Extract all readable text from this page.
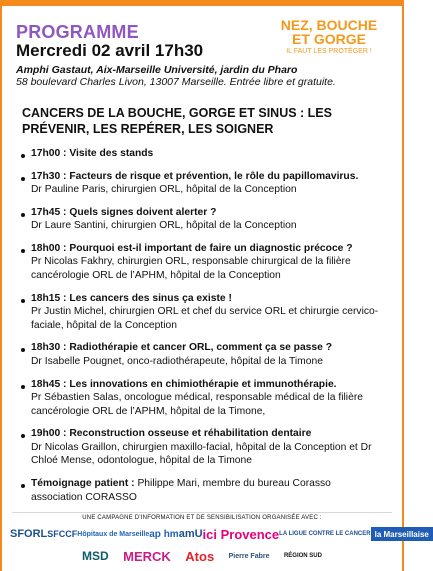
PROGRAMME
Mercredi 02 avril 17h30
Amphi Gastaut, Aix-Marseille Université, jardin du Pharo
58 boulevard Charles Livon, 13007 Marseille. Entrée libre et gratuite.
NEZ, BOUCHE
ET GORGE
IL FAUT LES PROTÉGER !
CANCERS DE LA BOUCHE, GORGE ET SINUS : LES
PRÉVENIR, LES REPÉRER, LES SOIGNER
17h00 : Visite des stands
17h30 : Facteurs de risque et prévention, le rôle du papillomavirus.
Dr Pauline Paris, chirurgien ORL, hôpital de la Conception
17h45 : Quels signes doivent alerter ?
Dr Laure Santini, chirurgien ORL, hôpital de la Conception
18h00 : Pourquoi est-il important de faire un diagnostic précoce ?
Pr Nicolas Fakhry, chirurgien ORL, responsable chirurgical de la filière cancérologie ORL de l’APHM, hôpital de la Conception
18h15 : Les cancers des sinus ça existe !
Pr Justin Michel, chirurgien ORL et chef du service ORL et chirurgie cervico-faciale, hôpital de la Conception
18h30 : Radiothérapie et cancer ORL, comment ça se passe ?
Dr Isabelle Pougnet, onco-radiothérapeute, hôpital de la Timone
18h45 : Les innovations en chimiothérapie et immunothérapie.
Pr Sébastien Salas, oncologue médical, responsable médical de la filière cancérologie ORL de l’APHM, hôpital de la Timone,
19h00 : Reconstruction osseuse et réhabilitation dentaire
Dr Nicolas Graillon, chirurgien maxillo-facial, hôpital de la Conception et Dr Chloé Mense, odontologue, hôpital de la Timone
Témoignage patient : Philippe Mari, membre du bureau Corasso association CORASSO
UNE CAMPAGNE D’INFORMATION ET DE SENSIBILISATION ORGANISÉE AVEC :
SFORL SFCCF Hôpitaux de Marseille ap hm amU ici Provence LA LIGUE CONTRE LE CANCER la Marseillaise
MSD MERCK Atos Pierre Fabre RÉGION SUD
